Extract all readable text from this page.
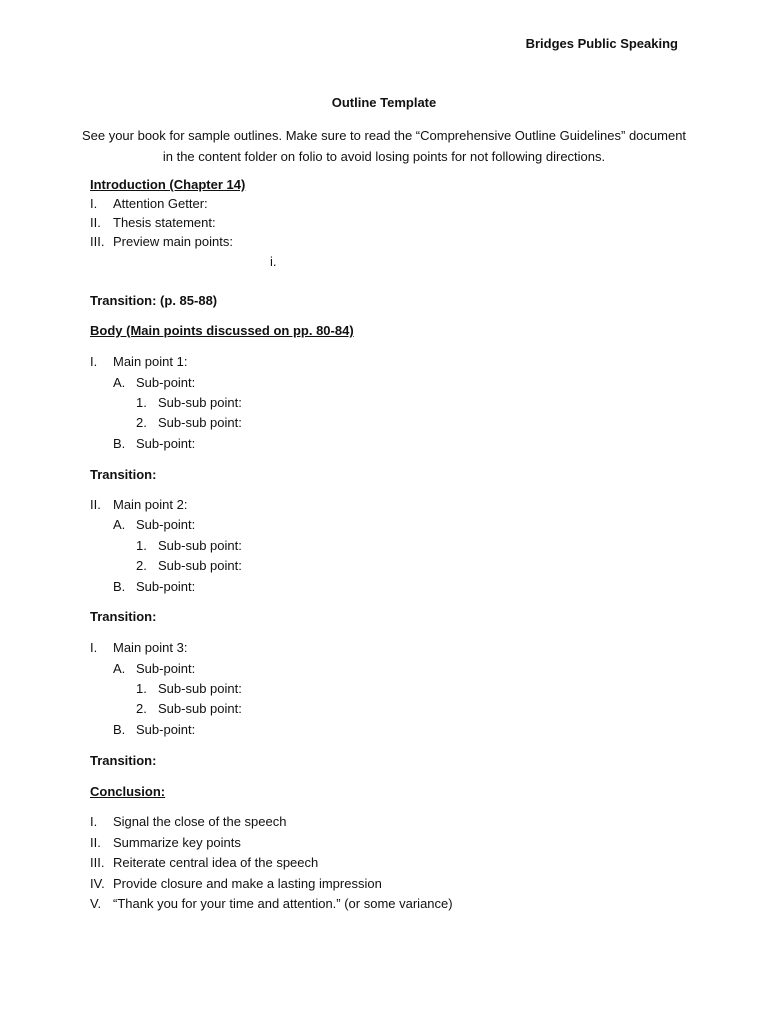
Bridges Public Speaking
Outline Template
See your book for sample outlines. Make sure to read the “Comprehensive Outline Guidelines” document in the content folder on folio to avoid losing points for not following directions.
Introduction (Chapter 14)
I. Attention Getter:
II. Thesis statement:
III. Preview main points:
i.
Transition: (p. 85-88)
Body (Main points discussed on pp. 80-84)
I. Main point 1:
A. Sub-point:
1. Sub-sub point:
2. Sub-sub point:
B. Sub-point:
Transition:
II. Main point 2:
A. Sub-point:
1. Sub-sub point:
2. Sub-sub point:
B. Sub-point:
Transition:
I. Main point 3:
A. Sub-point:
1. Sub-sub point:
2. Sub-sub point:
B. Sub-point:
Transition:
Conclusion:
I. Signal the close of the speech
II. Summarize key points
III. Reiterate central idea of the speech
IV. Provide closure and make a lasting impression
V. “Thank you for your time and attention.” (or some variance)
